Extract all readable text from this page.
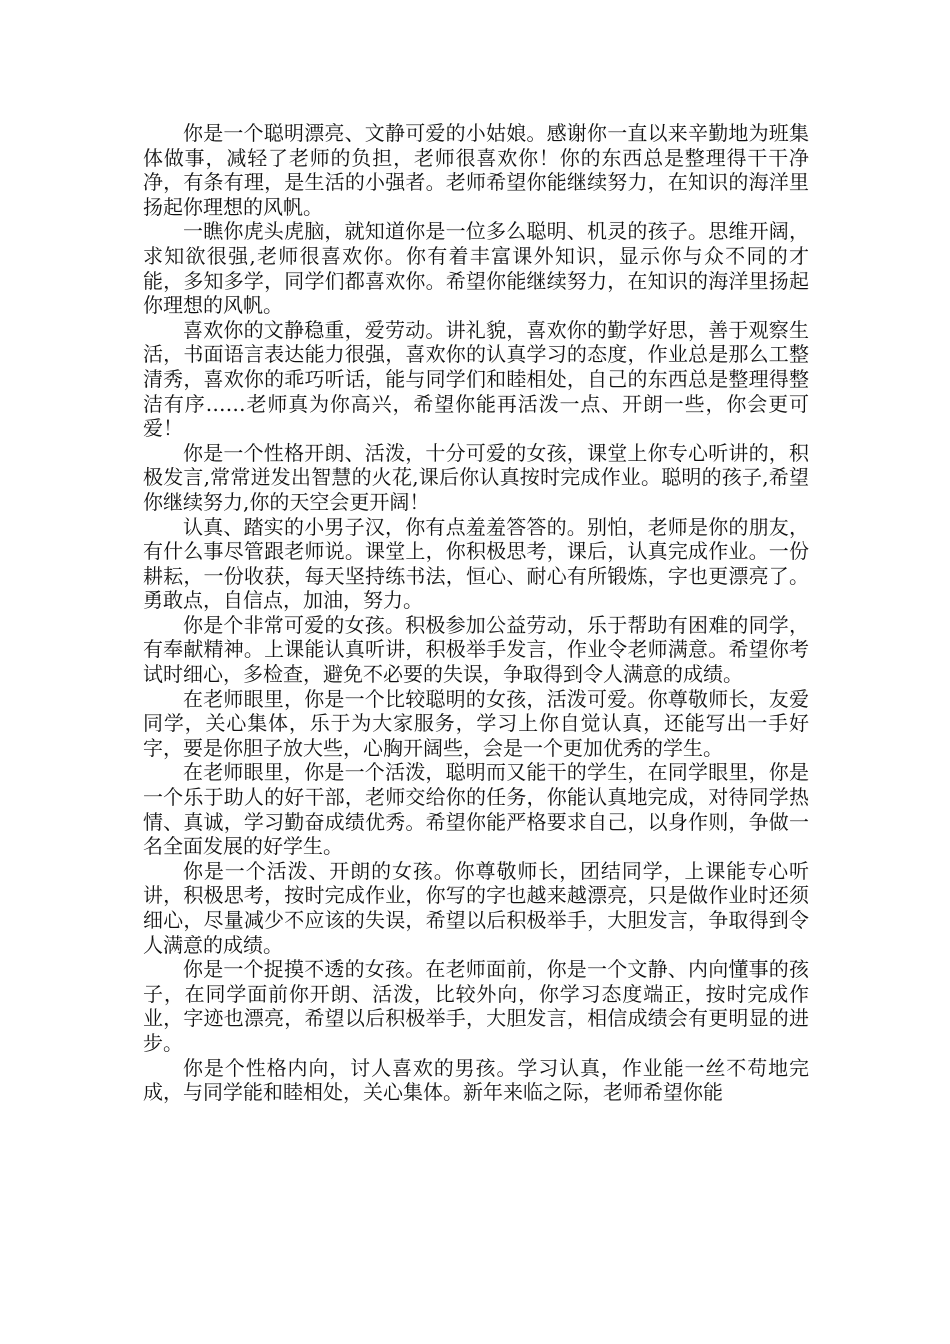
你是一个聪明漂亮、文静可爱的小姑娘。感谢你一直以来辛勤地为班集体做事，减轻了老师的负担，老师很喜欢你！你的东西总是整理得干干净净，有条有理，是生活的小强者。老师希望你能继续努力，在知识的海洋里扬起你理想的风帆。

一瞧你虎头虎脑，就知道你是一位多么聪明、机灵的孩子。思维开阔，求知欲很强,老师很喜欢你。你有着丰富课外知识，显示你与众不同的才能，多知多学，同学们都喜欢你。希望你能继续努力，在知识的海洋里扬起你理想的风帆。

喜欢你的文静稳重，爱劳动。讲礼貌，喜欢你的勤学好思，善于观察生活，书面语言表达能力很强，喜欢你的认真学习的态度，作业总是那么工整清秀，喜欢你的乖巧听话，能与同学们和睦相处，自己的东西总是整理得整洁有序……老师真为你高兴，希望你能再活泼一点、开朗一些，你会更可爱！

你是一个性格开朗、活泼，十分可爱的女孩，课堂上你专心听讲的，积极发言,常常迸发出智慧的火花,课后你认真按时完成作业。聪明的孩子,希望你继续努力,你的天空会更开阔！

认真、踏实的小男子汉，你有点羞羞答答的。别怕，老师是你的朋友，有什么事尽管跟老师说。课堂上，你积极思考，课后，认真完成作业。一份耕耘，一份收获，每天坚持练书法，恒心、耐心有所锻炼，字也更漂亮了。勇敢点，自信点，加油，努力。

你是个非常可爱的女孩。积极参加公益劳动，乐于帮助有困难的同学，有奉献精神。上课能认真听讲，积极举手发言，作业令老师满意。希望你考试时细心，多检查，避免不必要的失误，争取得到令人满意的成绩。

在老师眼里，你是一个比较聪明的女孩，活泼可爱。你尊敬师长，友爱同学，关心集体，乐于为大家服务，学习上你自觉认真，还能写出一手好字，要是你胆子放大些，心胸开阔些，会是一个更加优秀的学生。

在老师眼里，你是一个活泼，聪明而又能干的学生，在同学眼里，你是一个乐于助人的好干部，老师交给你的任务，你能认真地完成，对待同学热情、真诚，学习勤奋成绩优秀。希望你能严格要求自己，以身作则，争做一名全面发展的好学生。

你是一个活泼、开朗的女孩。你尊敬师长，团结同学，上课能专心听讲，积极思考，按时完成作业，你写的字也越来越漂亮，只是做作业时还须细心，尽量减少不应该的失误，希望以后积极举手，大胆发言，争取得到令人满意的成绩。

你是一个捉摸不透的女孩。在老师面前，你是一个文静、内向懂事的孩子，在同学面前你开朗、活泼，比较外向，你学习态度端正，按时完成作业，字迹也漂亮，希望以后积极举手，大胆发言，相信成绩会有更明显的进步。

你是个性格内向，讨人喜欢的男孩。学习认真，作业能一丝不苟地完成，与同学能和睦相处，关心集体。新年来临之际，老师希望你能
